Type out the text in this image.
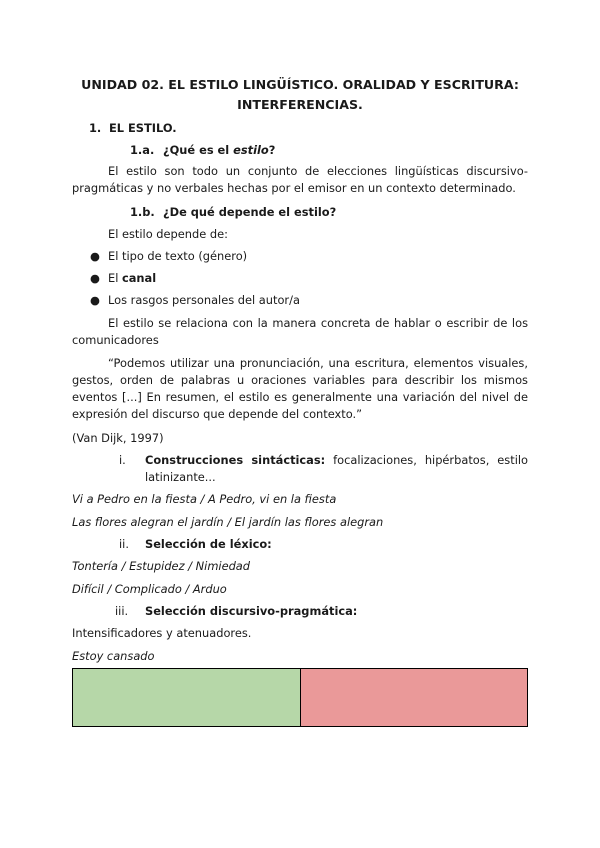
UNIDAD 02. EL ESTILO LINGÜÍSTICO. ORALIDAD Y ESCRITURA:
INTERFERENCIAS.
1. EL ESTILO.
1.a. ¿Qué es el estilo?
El estilo son todo un conjunto de elecciones lingüísticas discursivo-pragmáticas y no verbales hechas por el emisor en un contexto determinado.
1.b. ¿De qué depende el estilo?
El estilo depende de:
● El tipo de texto (género)
● El canal
● Los rasgos personales del autor/a
El estilo se relaciona con la manera concreta de hablar o escribir de los comunicadores
“Podemos utilizar una pronunciación, una escritura, elementos visuales, gestos, orden de palabras u oraciones variables para describir los mismos eventos [...] En resumen, el estilo es generalmente una variación del nivel de expresión del discurso que depende del contexto.”
(Van Dijk, 1997)
i.	Construcciones sintácticas: focalizaciones, hipérbatos, estilo latinizante...
Vi a Pedro en la fiesta / A Pedro, vi en la fiesta
Las flores alegran el jardín / El jardín las flores alegran
ii.	Selección de léxico:
Tontería / Estupidez / Nimiedad
Difícil / Complicado / Arduo
iii.	Selección discursivo-pragmática:
Intensificadores y atenuadores.
Estoy cansado
